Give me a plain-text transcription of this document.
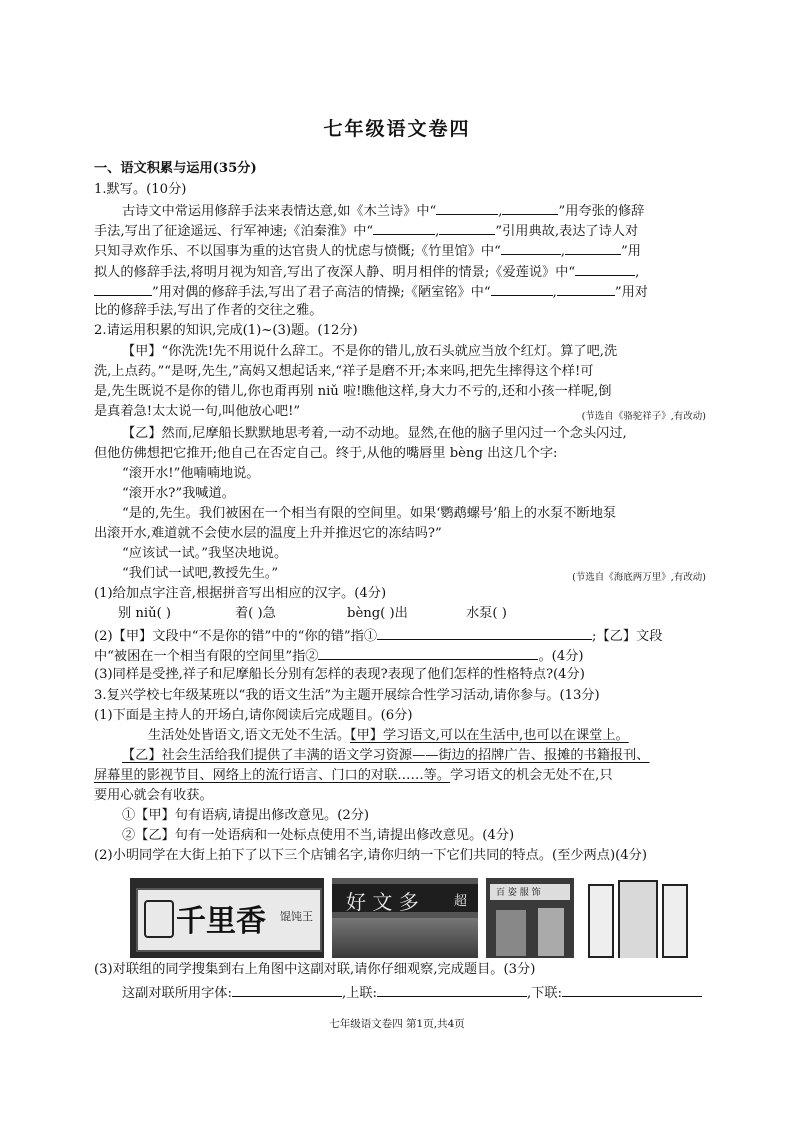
七年级语文卷四
一、语文积累与运用(35分)
1.默写。(10分)
古诗文中常运用修辞手法来表情达意,如《木兰诗》中“	,	”用夸张的修辞
手法,写出了征途遥远、行军神速;《泊秦淮》中“	,	”引用典故,表达了诗人对
只知寻欢作乐、不以国事为重的达官贵人的忧虑与愤慨;《竹里馆》中“	,	”用
拟人的修辞手法,将明月视为知音,写出了夜深人静、明月相伴的情景;《爱莲说》中“	,
”用对偶的修辞手法,写出了君子高洁的情操;《陋室铭》中“	,	”用对
比的修辞手法,写出了作者的交往之雅。
2.请运用积累的知识,完成(1)~(3)题。(12分)
【甲】“你洗洗!先不用说什么辞工。不是你的错儿,放石头就应当放个红灯。算了吧,洗
洗,上点药。”“是呀,先生,”高妈又想起话来,“祥子是磨不开;本来吗,把先生摔得这个样!可
是,先生既说不是你的错儿,你也甭再别 niǔ 啦!瞧他这样,身大力不亏的,还和小孩一样呢,倒
是真着急!太太说一句,叫他放心吧!”	(节选自《骆驼祥子》,有改动)
【乙】然而,尼摩船长默默地思考着,一动不动地。显然,在他的脑子里闪过一个念头闪过,
但他仿佛想把它推开;他自己在否定自己。终于,从他的嘴唇里 bèng 出这几个字:
“滚开水!”他喃喃地说。
“滚开水?”我喊道。
“是的,先生。我们被困在一个相当有限的空间里。如果‘鹦鹉螺号’船上的水泵不断地泵
出滚开水,难道就不会使水层的温度上升并推迟它的冻结吗?”
“应该试一试。”我坚决地说。
“我们试一试吧,教授先生。”	(节选自《海底两万里》,有改动)
(1)给加点字注音,根据拼音写出相应的汉字。(4分)
别 niǔ( )	着( )急	bèng( )出	水泵( )
(2)【甲】文段中“不是你的错”中的“你的错”指①	;【乙】文段
中“被困在一个相当有限的空间里”指②	。(4分)
(3)同样是受挫,祥子和尼摩船长分别有怎样的表现?表现了他们怎样的性格特点?(4分)
3.复兴学校七年级某班以“我的语文生活”为主题开展综合性学习活动,请你参与。(13分)
(1)下面是主持人的开场白,请你阅读后完成题目。(6分)
生活处处皆语文,语文无处不生活。【甲】学习语文,可以在生活中,也可以在课堂上。
【乙】社会生活给我们提供了丰满的语文学习资源——街边的招牌广告、报摊的书籍报刊、
屏幕里的影视节目、网络上的流行语言、门口的对联……等。学习语文的机会无处不在,只
要用心就会有收获。
①【甲】句有语病,请提出修改意见。(2分)
②【乙】句有一处语病和一处标点使用不当,请提出修改意见。(4分)
(2)小明同学在大街上拍下了以下三个店铺名字,请你归纳一下它们共同的特点。(至少两点)(4分)
千里香 馄饨王
好 文 多	超
百 姿 服 饰
(3)对联组的同学搜集到右上角图中这副对联,请你仔细观察,完成题目。(3分)
这副对联所用字体:	,上联:	,下联:
七年级语文卷四 第1页,共4页
